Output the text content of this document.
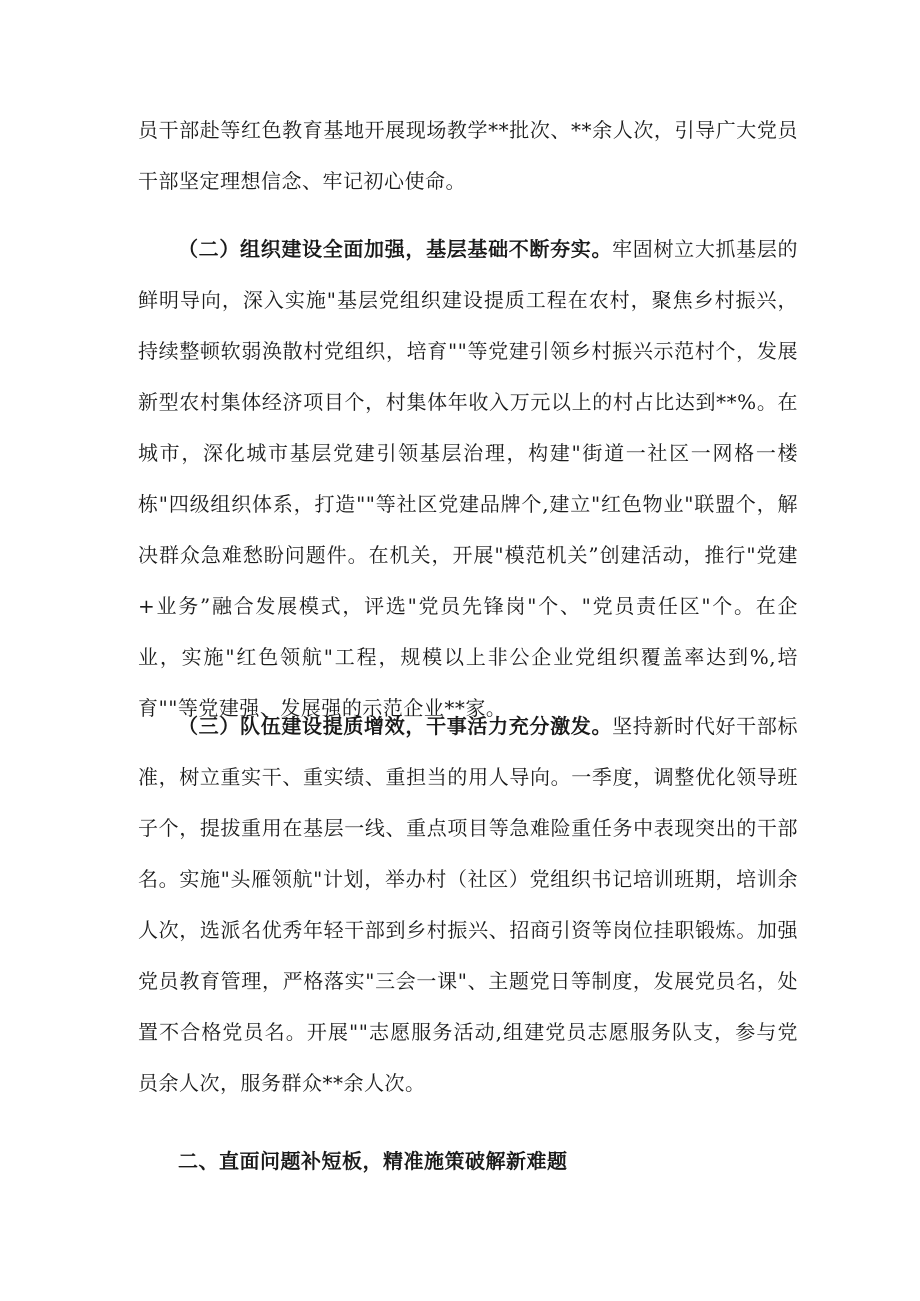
员干部赴等红色教育基地开展现场教学**批次、**余人次，引导广大党员干部坚定理想信念、牢记初心使命。

（二）组织建设全面加强，基层基础不断夯实。牢固树立大抓基层的鲜明导向，深入实施"基层党组织建设提质工程在农村，聚焦乡村振兴，持续整顿软弱涣散村党组织，培育""等党建引领乡村振兴示范村个，发展新型农村集体经济项目个，村集体年收入万元以上的村占比达到**%。在城市，深化城市基层党建引领基层治理，构建"街道一社区一网格一楼栋"四级组织体系，打造""等社区党建品牌个,建立"红色物业"联盟个，解决群众急难愁盼问题件。在机关，开展"模范机关”创建活动，推行"党建+业务”融合发展模式，评选"党员先锋岗"个、"党员责任区"个。在企业，实施"红色领航"工程，规模以上非公企业党组织覆盖率达到%,培育""等党建强、发展强的示范企业**家。

（三）队伍建设提质增效，干事活力充分激发。坚持新时代好干部标准，树立重实干、重实绩、重担当的用人导向。一季度，调整优化领导班子个，提拔重用在基层一线、重点项目等急难险重任务中表现突出的干部名。实施"头雁领航"计划，举办村（社区）党组织书记培训班期，培训余人次，选派名优秀年轻干部到乡村振兴、招商引资等岗位挂职锻炼。加强党员教育管理，严格落实"三会一课"、主题党日等制度，发展党员名，处置不合格党员名。开展""志愿服务活动,组建党员志愿服务队支，参与党员余人次，服务群众**余人次。

二、直面问题补短板，精准施策破解新难题
